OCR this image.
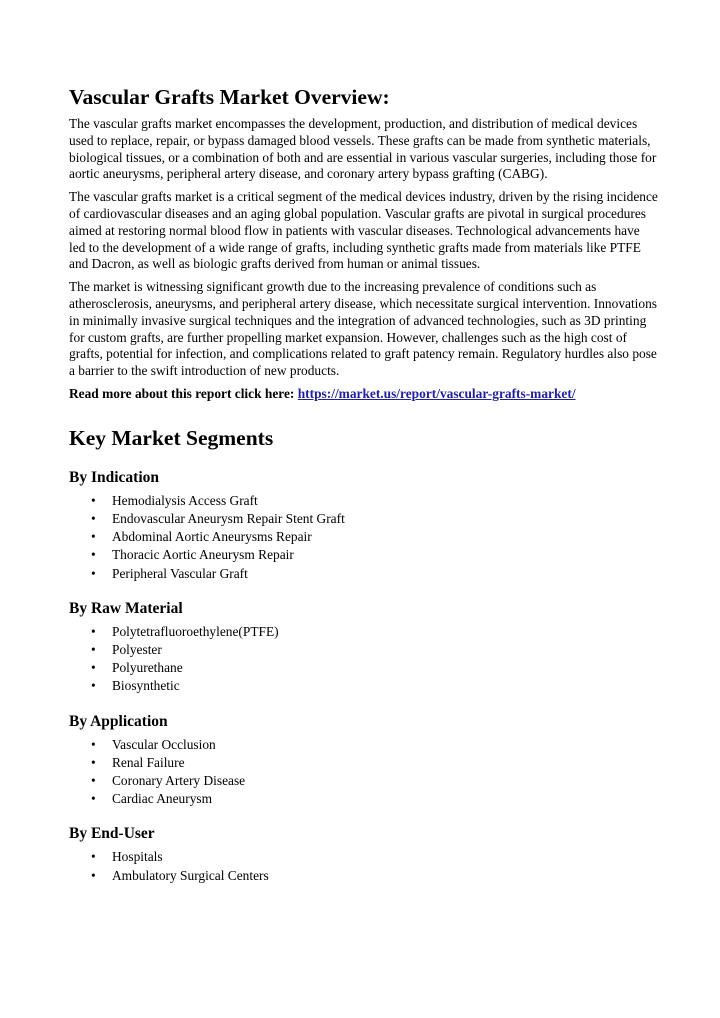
Vascular Grafts Market Overview:

The vascular grafts market encompasses the development, production, and distribution of medical devices used to replace, repair, or bypass damaged blood vessels. These grafts can be made from synthetic materials, biological tissues, or a combination of both and are essential in various vascular surgeries, including those for aortic aneurysms, peripheral artery disease, and coronary artery bypass grafting (CABG).

The vascular grafts market is a critical segment of the medical devices industry, driven by the rising incidence of cardiovascular diseases and an aging global population. Vascular grafts are pivotal in surgical procedures aimed at restoring normal blood flow in patients with vascular diseases. Technological advancements have led to the development of a wide range of grafts, including synthetic grafts made from materials like PTFE and Dacron, as well as biologic grafts derived from human or animal tissues.

The market is witnessing significant growth due to the increasing prevalence of conditions such as atherosclerosis, aneurysms, and peripheral artery disease, which necessitate surgical intervention. Innovations in minimally invasive surgical techniques and the integration of advanced technologies, such as 3D printing for custom grafts, are further propelling market expansion. However, challenges such as the high cost of grafts, potential for infection, and complications related to graft patency remain. Regulatory hurdles also pose a barrier to the swift introduction of new products.

Read more about this report click here: https://market.us/report/vascular-grafts-market/
Key Market Segments
By Indication
• Hemodialysis Access Graft
• Endovascular Aneurysm Repair Stent Graft
• Abdominal Aortic Aneurysms Repair
• Thoracic Aortic Aneurysm Repair
• Peripheral Vascular Graft
By Raw Material
• Polytetrafluoroethylene(PTFE)
• Polyester
• Polyurethane
• Biosynthetic
By Application
• Vascular Occlusion
• Renal Failure
• Coronary Artery Disease
• Cardiac Aneurysm
By End-User
• Hospitals
• Ambulatory Surgical Centers
